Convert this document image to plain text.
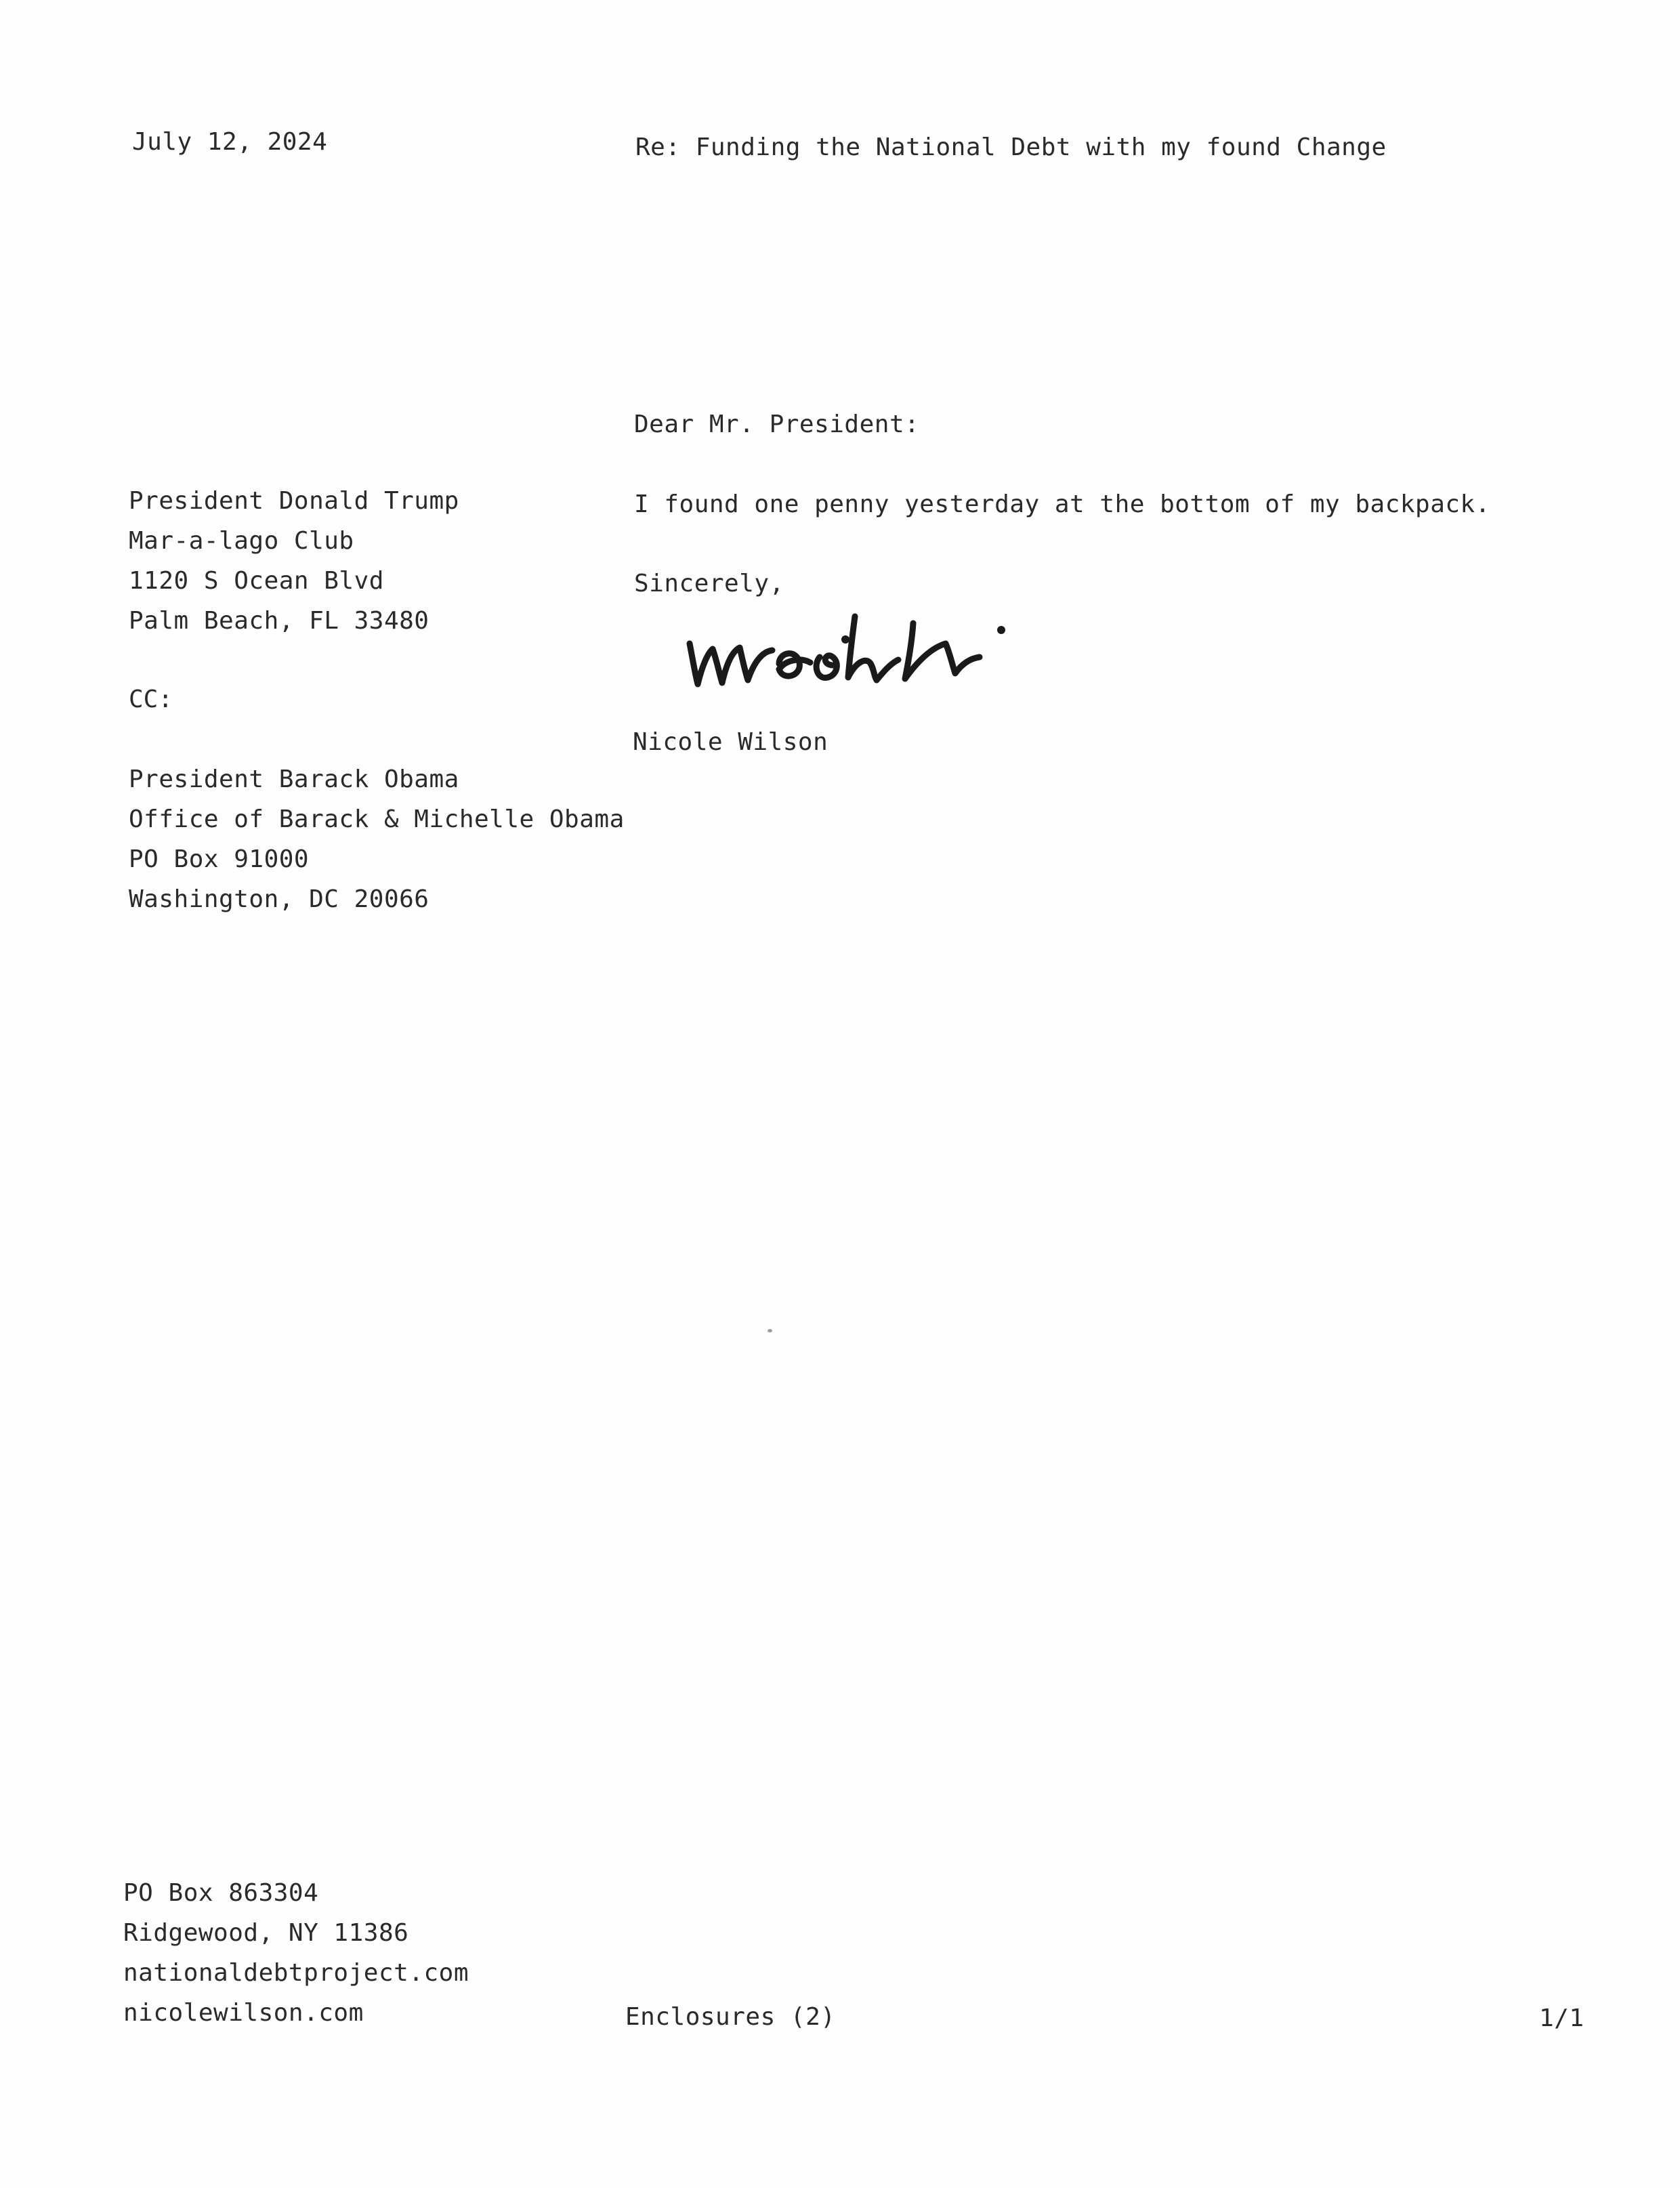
July 12, 2024	Re: Funding the National Debt with my found Change
Dear Mr. President:
President Donald Trump
Mar-a-lago Club
1120 S Ocean Blvd
Palm Beach, FL 33480
I found one penny yesterday at the bottom of my backpack.
Sincerely,
Nicole Wilson
CC:
President Barack Obama
Office of Barack & Michelle Obama
PO Box 91000
Washington, DC 20066
PO Box 863304
Ridgewood, NY 11386
nationaldebtproject.com
nicolewilson.com	Enclosures (2)	1/1
